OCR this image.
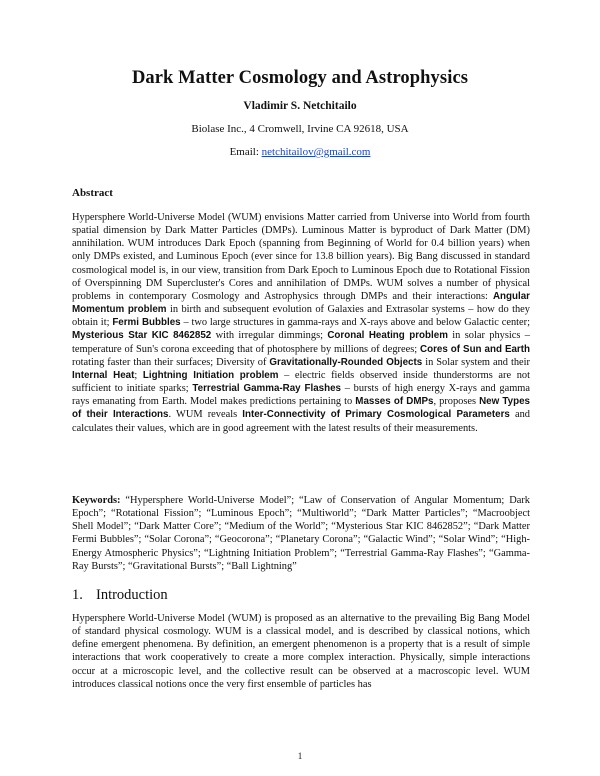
Dark Matter Cosmology and Astrophysics
Vladimir S. Netchitailo
Biolase Inc., 4 Cromwell, Irvine CA 92618, USA
Email: netchitailov@gmail.com
Abstract
Hypersphere World-Universe Model (WUM) envisions Matter carried from Universe into World from fourth spatial dimension by Dark Matter Particles (DMPs). Luminous Matter is byproduct of Dark Matter (DM) annihilation. WUM introduces Dark Epoch (spanning from Beginning of World for 0.4 billion years) when only DMPs existed, and Luminous Epoch (ever since for 13.8 billion years). Big Bang discussed in standard cosmological model is, in our view, transition from Dark Epoch to Luminous Epoch due to Rotational Fission of Overspinning DM Supercluster's Cores and annihilation of DMPs. WUM solves a number of physical problems in contemporary Cosmology and Astrophysics through DMPs and their interactions: Angular Momentum problem in birth and subsequent evolution of Galaxies and Extrasolar systems – how do they obtain it; Fermi Bubbles – two large structures in gamma-rays and X-rays above and below Galactic center; Mysterious Star KIC 8462852 with irregular dimmings; Coronal Heating problem in solar physics – temperature of Sun's corona exceeding that of photosphere by millions of degrees; Cores of Sun and Earth rotating faster than their surfaces; Diversity of Gravitationally-Rounded Objects in Solar system and their Internal Heat; Lightning Initiation problem – electric fields observed inside thunderstorms are not sufficient to initiate sparks; Terrestrial Gamma-Ray Flashes – bursts of high energy X-rays and gamma rays emanating from Earth. Model makes predictions pertaining to Masses of DMPs, proposes New Types of their Interactions. WUM reveals Inter-Connectivity of Primary Cosmological Parameters and calculates their values, which are in good agreement with the latest results of their measurements.
Keywords: “Hypersphere World-Universe Model”; “Law of Conservation of Angular Momentum; Dark Epoch”; “Rotational Fission”; “Luminous Epoch”; “Multiworld”; “Dark Matter Particles”; “Macroobject Shell Model”; “Dark Matter Core”; “Medium of the World”; “Mysterious Star KIC 8462852”; “Dark Matter Fermi Bubbles”; “Solar Corona”; “Geocorona”; “Planetary Corona”; “Galactic Wind”; “Solar Wind”; “High-Energy Atmospheric Physics”; “Lightning Initiation Problem”; “Terrestrial Gamma-Ray Flashes”; “Gamma-Ray Bursts”; “Gravitational Bursts”; “Ball Lightning”
1. Introduction
Hypersphere World-Universe Model (WUM) is proposed as an alternative to the prevailing Big Bang Model of standard physical cosmology. WUM is a classical model, and is described by classical notions, which define emergent phenomena. By definition, an emergent phenomenon is a property that is a result of simple interactions that work cooperatively to create a more complex interaction. Physically, simple interactions occur at a microscopic level, and the collective result can be observed at a macroscopic level. WUM introduces classical notions once the very first ensemble of particles has
1
